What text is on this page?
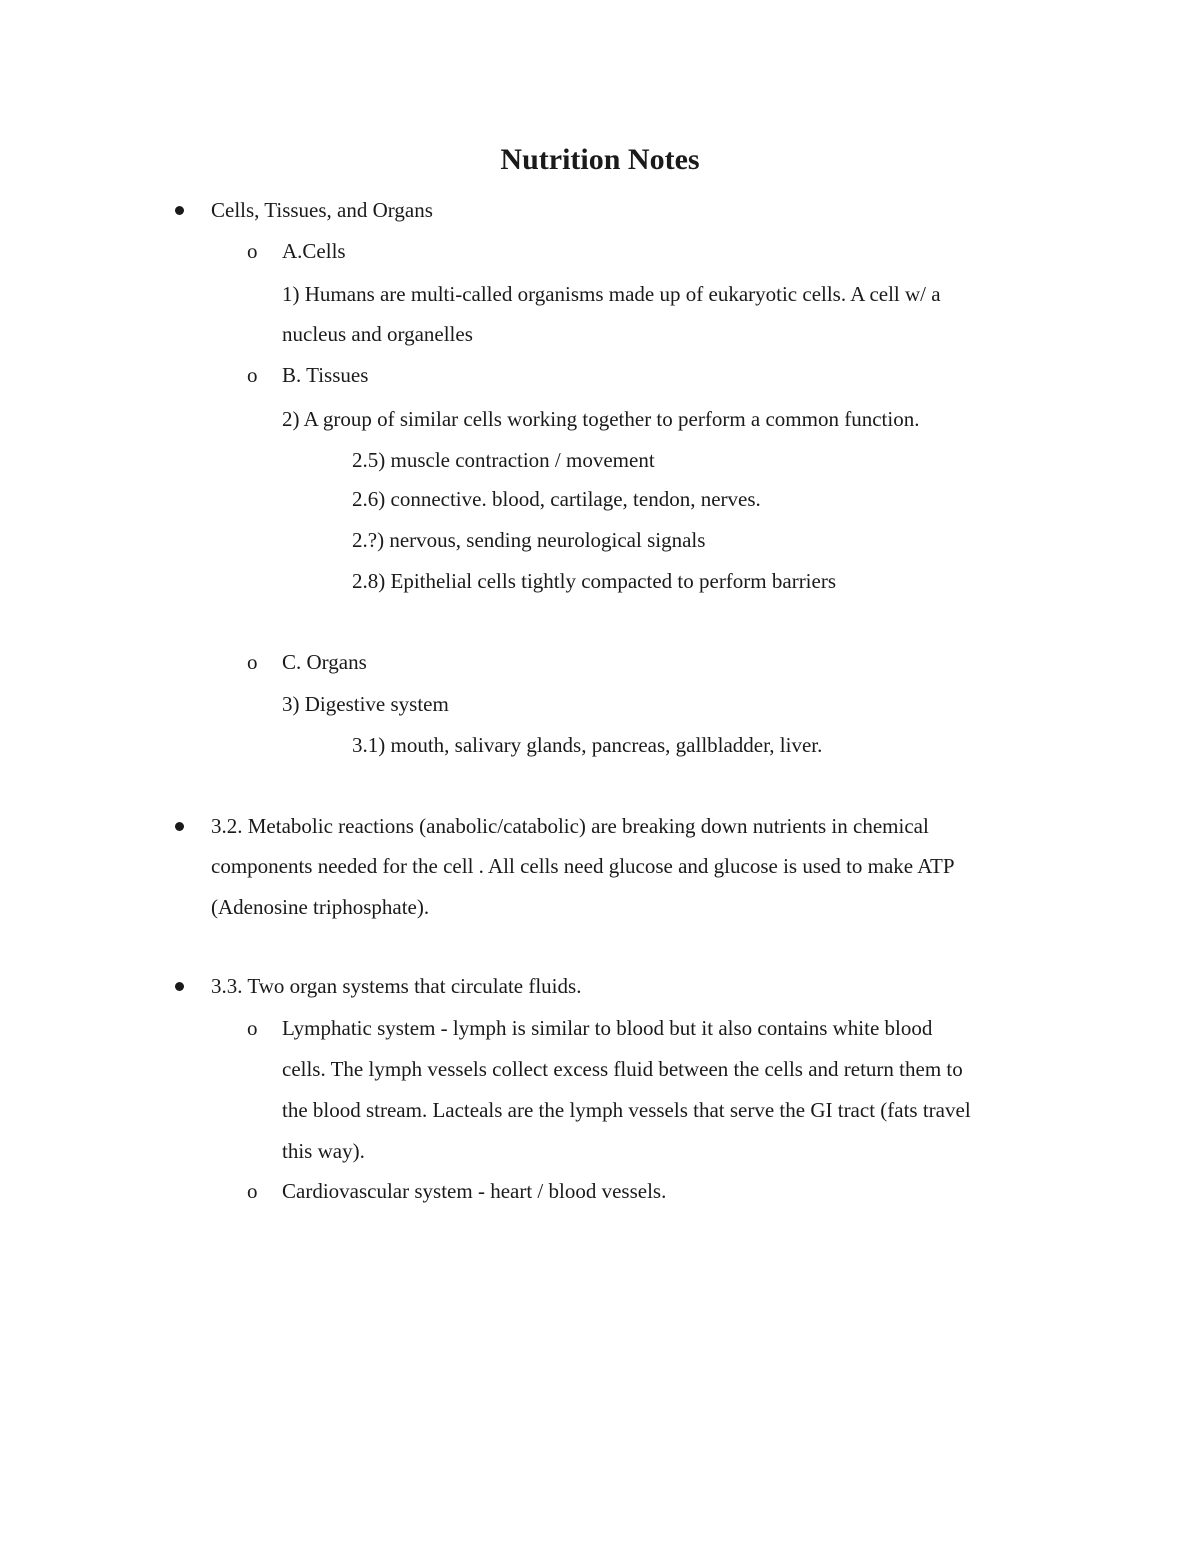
Nutrition Notes
Cells, Tissues, and Organs
o A.Cells
1) Humans are multi-called organisms made up of eukaryotic cells. A cell w/ a
nucleus and organelles
o B. Tissues
2) A group of similar cells working together to perform a common function.
2.5) muscle contraction / movement
2.6) connective. blood, cartilage, tendon, nerves.
2.?) nervous, sending neurological signals
2.8) Epithelial cells tightly compacted to perform barriers
o C. Organs
3) Digestive system
3.1) mouth, salivary glands, pancreas, gallbladder, liver.
3.2. Metabolic reactions (anabolic/catabolic) are breaking down nutrients in chemical
components needed for the cell . All cells need glucose and glucose is used to make ATP
(Adenosine triphosphate).
3.3. Two organ systems that circulate fluids.
o Lymphatic system - lymph is similar to blood but it also contains white blood
cells. The lymph vessels collect excess fluid between the cells and return them to
the blood stream. Lacteals are the lymph vessels that serve the GI tract (fats travel
this way).
o Cardiovascular system - heart / blood vessels.
